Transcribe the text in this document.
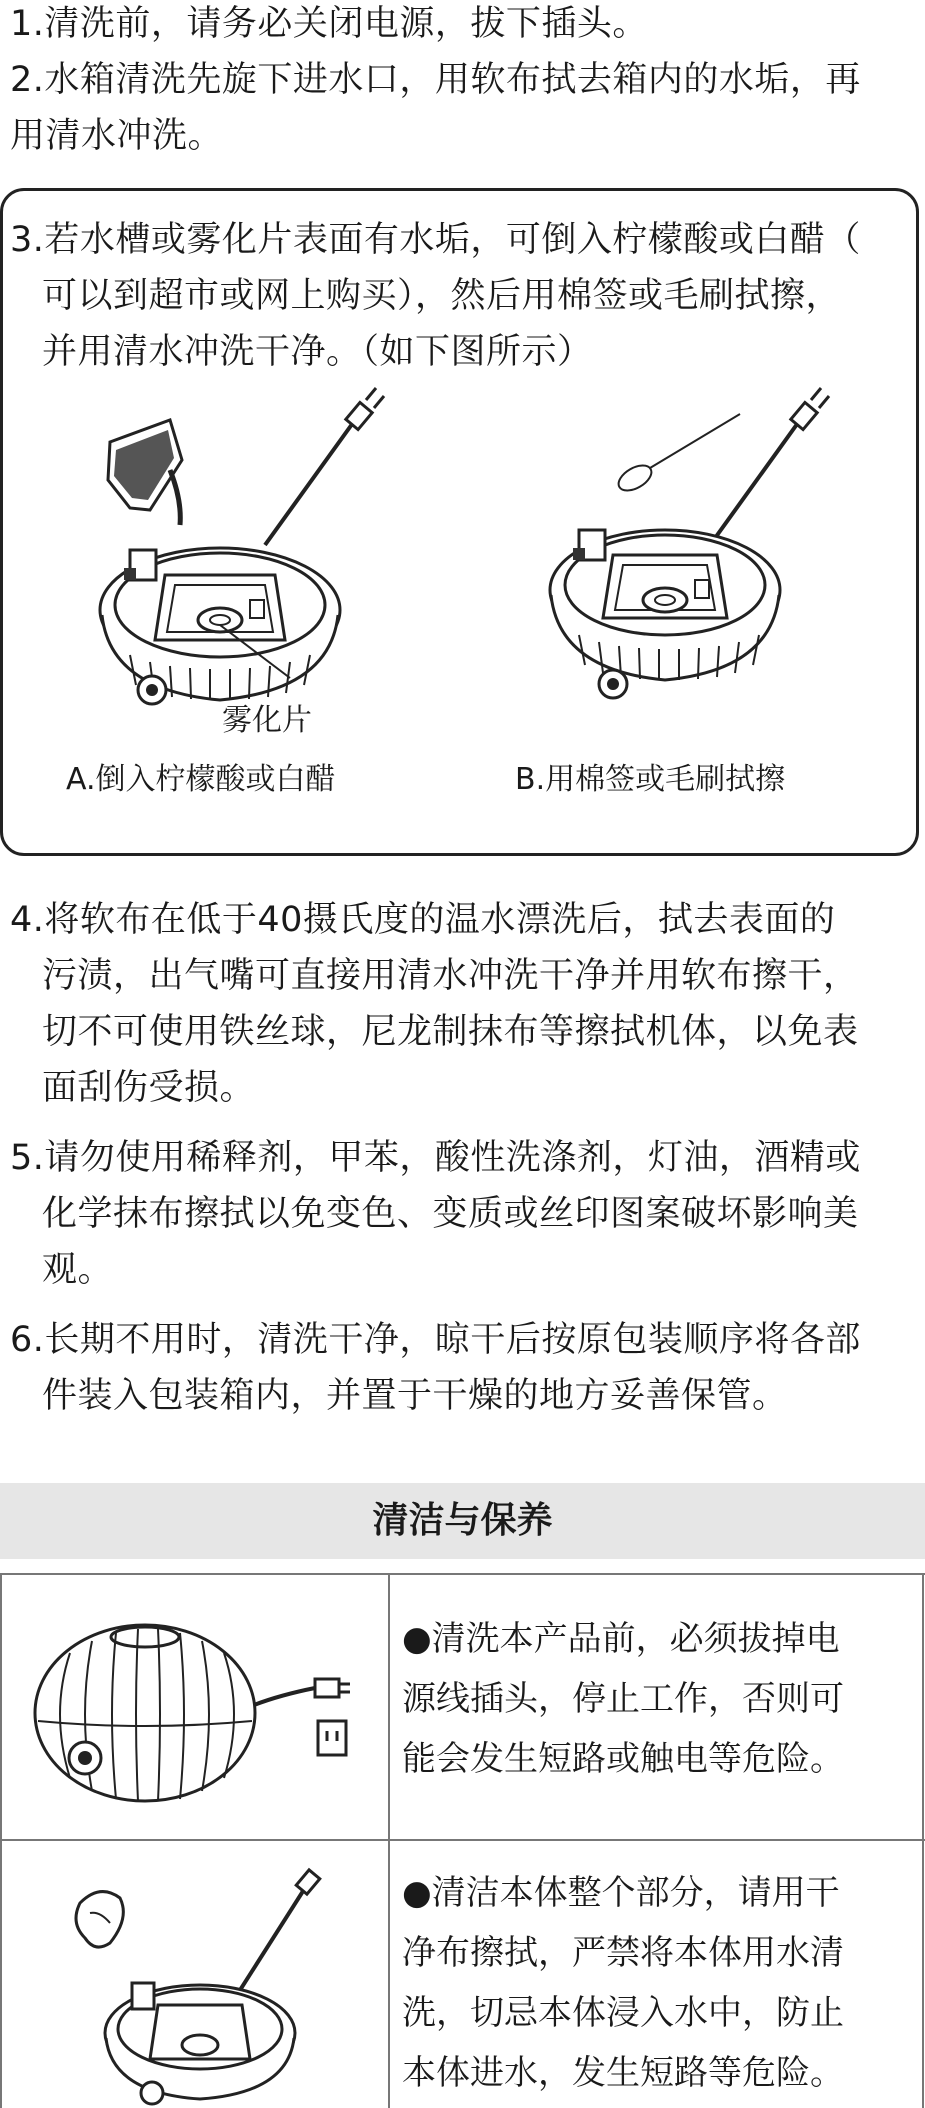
1.清洗前，请务必关闭电源，拔下插头。
2.水箱清洗先旋下进水口，用软布拭去箱内的水垢，再
用清水冲洗。
3.若水槽或雾化片表面有水垢，可倒入柠檬酸或白醋（
可以到超市或网上购买），然后用棉签或毛刷拭擦，
并用清水冲洗干净。（如下图所示）
雾化片
A.倒入柠檬酸或白醋	B.用棉签或毛刷拭擦
4.将软布在低于40摄氏度的温水漂洗后，拭去表面的
污渍，出气嘴可直接用清水冲洗干净并用软布擦干，
切不可使用铁丝球，尼龙制抹布等擦拭机体，以免表
面刮伤受损。
5.请勿使用稀释剂，甲苯，酸性洗涤剂，灯油，酒精或
化学抹布擦拭以免变色、变质或丝印图案破坏影响美
观。
6.长期不用时，清洗干净，晾干后按原包装顺序将各部
件装入包装箱内，并置于干燥的地方妥善保管。
清洁与保养
●清洗本产品前，必须拔掉电
源线插头，停止工作，否则可
能会发生短路或触电等危险。
●清洁本体整个部分，请用干
净布擦拭，严禁将本体用水清
洗，切忌本体浸入水中，防止
本体进水，发生短路等危险。
